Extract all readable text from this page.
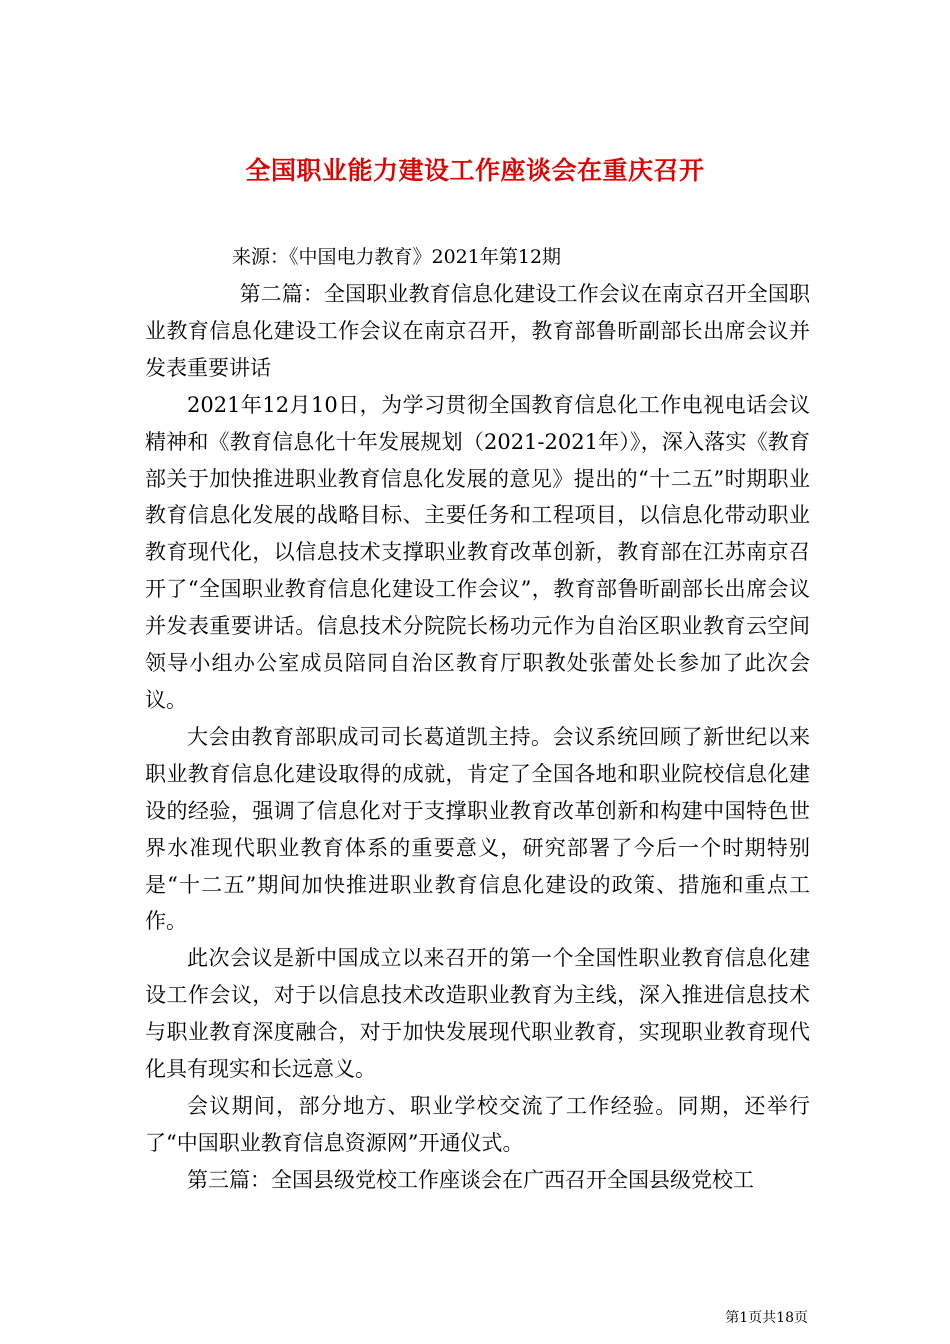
全国职业能力建设工作座谈会在重庆召开
来源：《中国电力教育》2021年第12期

第二篇：全国职业教育信息化建设工作会议在南京召开全国职业教育信息化建设工作会议在南京召开，教育部鲁昕副部长出席会议并发表重要讲话

2021年12月10日，为学习贯彻全国教育信息化工作电视电话会议精神和《教育信息化十年发展规划（2021-2021年）》，深入落实《教育部关于加快推进职业教育信息化发展的意见》提出的“十二五”时期职业教育信息化发展的战略目标、主要任务和工程项目，以信息化带动职业教育现代化，以信息技术支撑职业教育改革创新，教育部在江苏南京召开了“全国职业教育信息化建设工作会议”，教育部鲁昕副部长出席会议并发表重要讲话。信息技术分院院长杨功元作为自治区职业教育云空间领导小组办公室成员陪同自治区教育厅职教处张蕾处长参加了此次会议。

大会由教育部职成司司长葛道凯主持。会议系统回顾了新世纪以来职业教育信息化建设取得的成就，肯定了全国各地和职业院校信息化建设的经验，强调了信息化对于支撑职业教育改革创新和构建中国特色世界水准现代职业教育体系的重要意义，研究部署了今后一个时期特别是“十二五”期间加快推进职业教育信息化建设的政策、措施和重点工作。

此次会议是新中国成立以来召开的第一个全国性职业教育信息化建设工作会议，对于以信息技术改造职业教育为主线，深入推进信息技术与职业教育深度融合，对于加快发展现代职业教育，实现职业教育现代化具有现实和长远意义。

会议期间，部分地方、职业学校交流了工作经验。同期，还举行了“中国职业教育信息资源网”开通仪式。

第三篇：全国县级党校工作座谈会在广西召开全国县级党校工

第1页共18页
